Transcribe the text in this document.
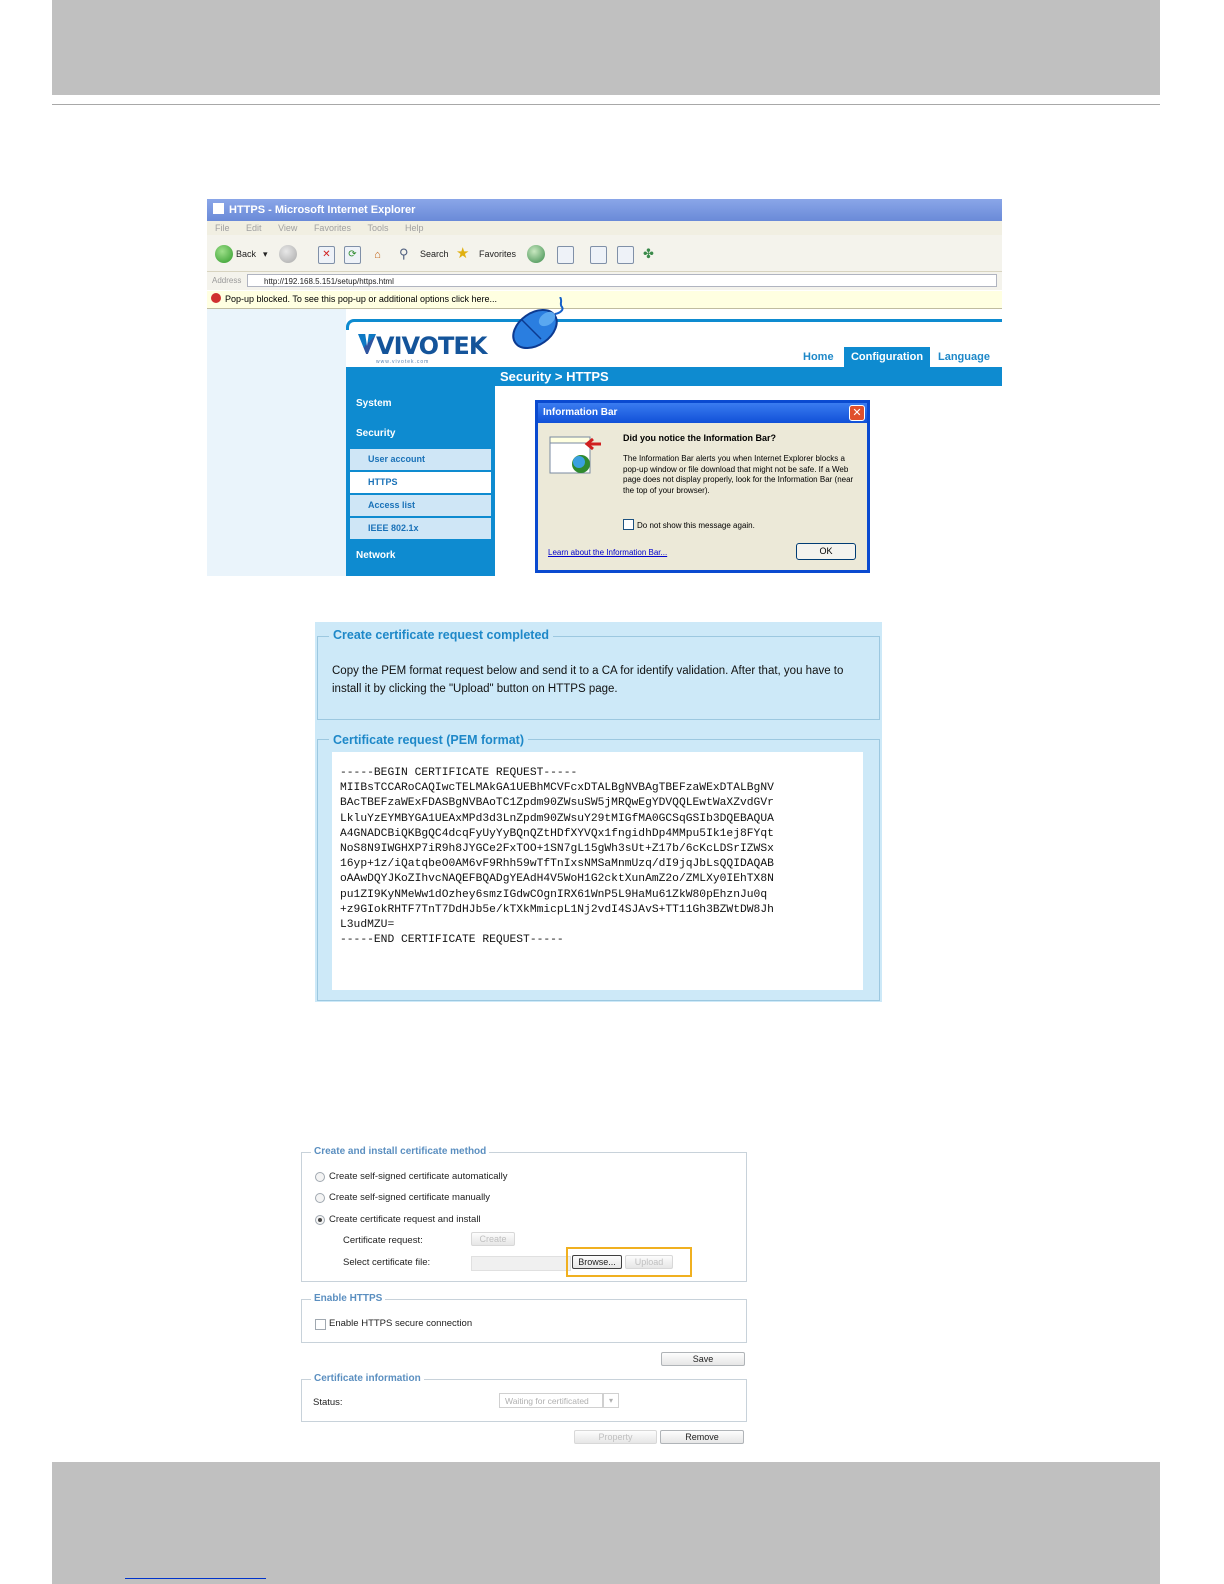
HTTPS - Microsoft Internet Explorer
File Edit View Favorites Tools Help
Back ▾	✕	⟳	⌂	⚲ Search ★ Favorites	✤
Address	http://192.168.5.151/setup/https.html
Pop-up blocked. To see this pop-up or additional options click here...
VIVOTEK
www.vivotek.com	Home	Configuration	Language
Security > HTTPS
System
Security
User account
HTTPS
Access list
IEEE 802.1x
Network
Information Bar	✕
Did you notice the Information Bar?
The Information Bar alerts you when Internet Explorer blocks a pop-up window or file download that might not be safe. If a Web page does not display properly, look for the Information Bar (near the top of your browser).
Do not show this message again.
Learn about the Information Bar...	OK
Create certificate request completed
Copy the PEM format request below and send it to a CA for identify validation. After that, you have to install it by clicking the "Upload" button on HTTPS page.
Certificate request (PEM format)
-----BEGIN CERTIFICATE REQUEST-----
MIIBsTCCARoCAQIwcTELMAkGA1UEBhMCVFcxDTALBgNVBAgTBEFzaWExDTALBgNV
BAcTBEFzaWExFDASBgNVBAoTC1Zpdm90ZWsuSW5jMRQwEgYDVQQLEwtWaXZvdGVr
LkluYzEYMBYGA1UEAxMPd3d3LnZpdm90ZWsuY29tMIGfMA0GCSqGSIb3DQEBAQUA
A4GNADCBiQKBgQC4dcqFyUyYyBQnQZtHDfXYVQx1fngidhDp4MMpu5Ik1ej8FYqt
NoS8N9IWGHXP7iR9h8JYGCe2FxTOO+1SN7gL15gWh3sUt+Z17b/6cKcLDSrIZWSx
16yp+1z/iQatqbeO0AM6vF9Rhh59wTfTnIxsNMSaMnmUzq/dI9jqJbLsQQIDAQAB
oAAwDQYJKoZIhvcNAQEFBQADgYEAdH4V5WoH1G2cktXunAmZ2o/ZMLXy0IEhTX8N
pu1ZI9KyNMeWw1dOzhey6smzIGdwCOgnIRX61WnP5L9HaMu61ZkW80pEhznJu0q
+z9GIokRHTF7TnT7DdHJb5e/kTXkMmicpL1Nj2vdI4SJAvS+TT11Gh3BZWtDW8Jh
L3udMZU=
-----END CERTIFICATE REQUEST-----
Create and install certificate method
Create self-signed certificate automatically
Create self-signed certificate manually
Create certificate request and install
Certificate request:	Create
Select certificate file:	Browse...	Upload
Enable HTTPS
Enable HTTPS secure connection
Save
Certificate information
Status:	Waiting for certificated	▾
Property	Remove
